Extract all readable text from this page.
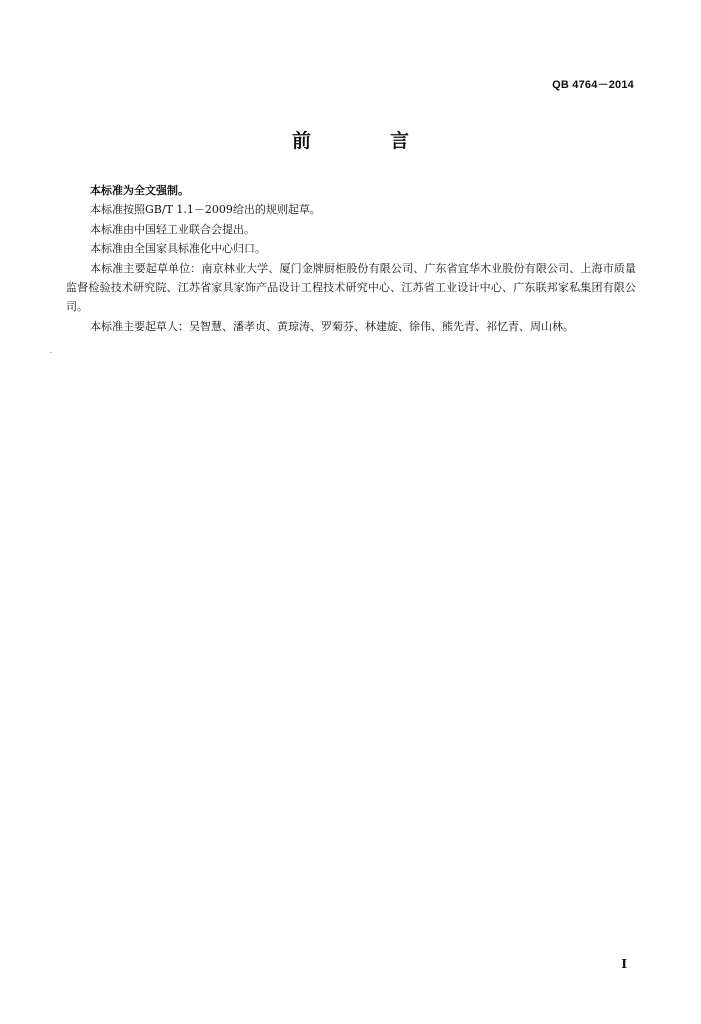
QB 4764－2014
前　言

本标准为全文强制。

本标准按照GB/T 1.1－2009给出的规则起草。

本标准由中国轻工业联合会提出。

本标准由全国家具标准化中心归口。

本标准主要起草单位：南京林业大学、厦门金牌厨柜股份有限公司、广东省宜华木业股份有限公司、上海市质量监督检验技术研究院、江苏省家具家饰产品设计工程技术研究中心、江苏省工业设计中心、广东联邦家私集团有限公司。

本标准主要起草人：吴智慧、潘孝贞、黄琼涛、罗菊芬、林建旋、徐伟、熊先青、祁忆青、周山林。

I
